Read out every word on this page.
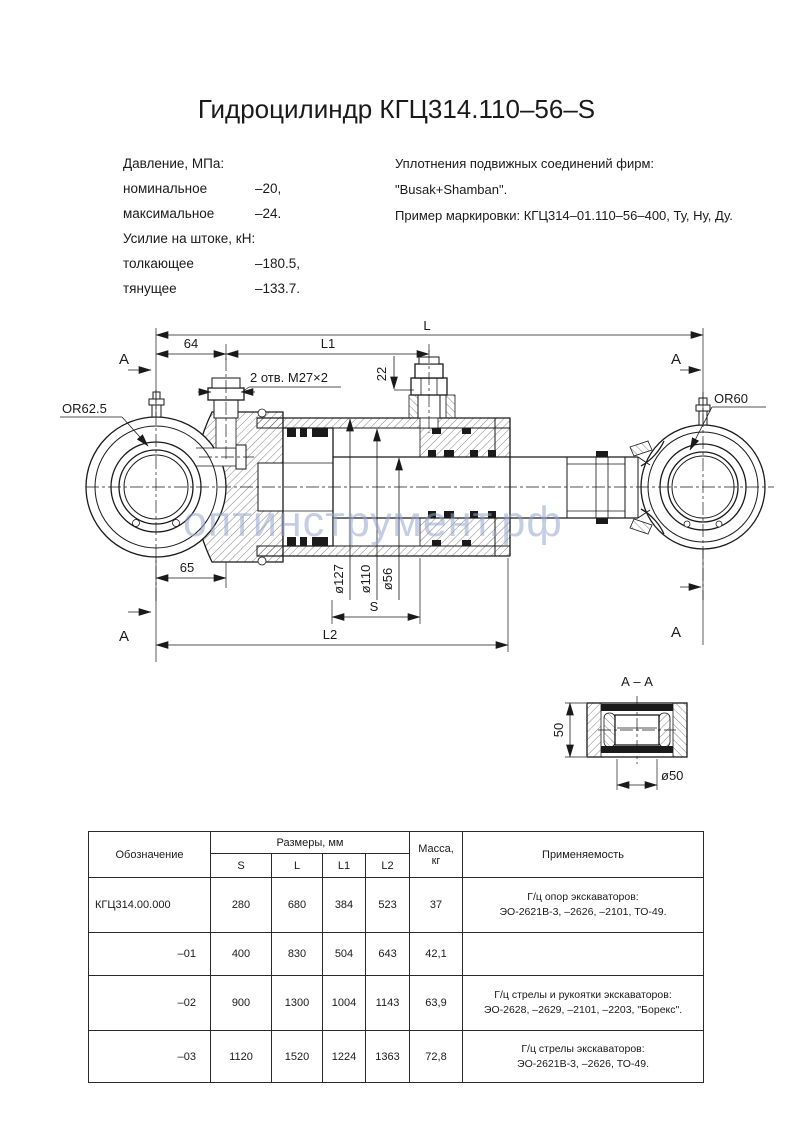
Гидроцилиндр КГЦ314.110–56–S
Давление, МПа:
номинальное	–20,
максимальное	–24.
Усилие на штоке, кН:
толкающее	–180.5,
тянущее	–133.7.
Уплотнения подвижных соединений фирм:
"Busak+Shamban".
Пример маркировки: КГЦ314–01.110–56–400, Ту, Ну, Ду.
L
64	L1
22
2 отв. М27×2
OR62.5
OR60
А	А
А	А
65	ø127 ø110 ø56
S
L2
А – А
50
ø50
оптинструмент.рф
Обозначение	Размеры, мм				Масса,
кг	Применяемость
	S	L	L1	L2		
КГЦ314.00.000	280	680	384	523	37	Г/ц опор экскаваторов:
ЭО-2621В-3, –2626, –2101, ТО-49.

–01	400	830	504	643	42,1	

–02	900	1300	1004	1143	63,9	Г/ц стрелы и рукоятки экскаваторов:
ЭО-2628, –2629, –2101, –2203, "Борекс".

–03	1120	1520	1224	1363	72,8	Г/ц стрелы экскаваторов:
ЭО-2621В-3, –2626, ТО-49.
